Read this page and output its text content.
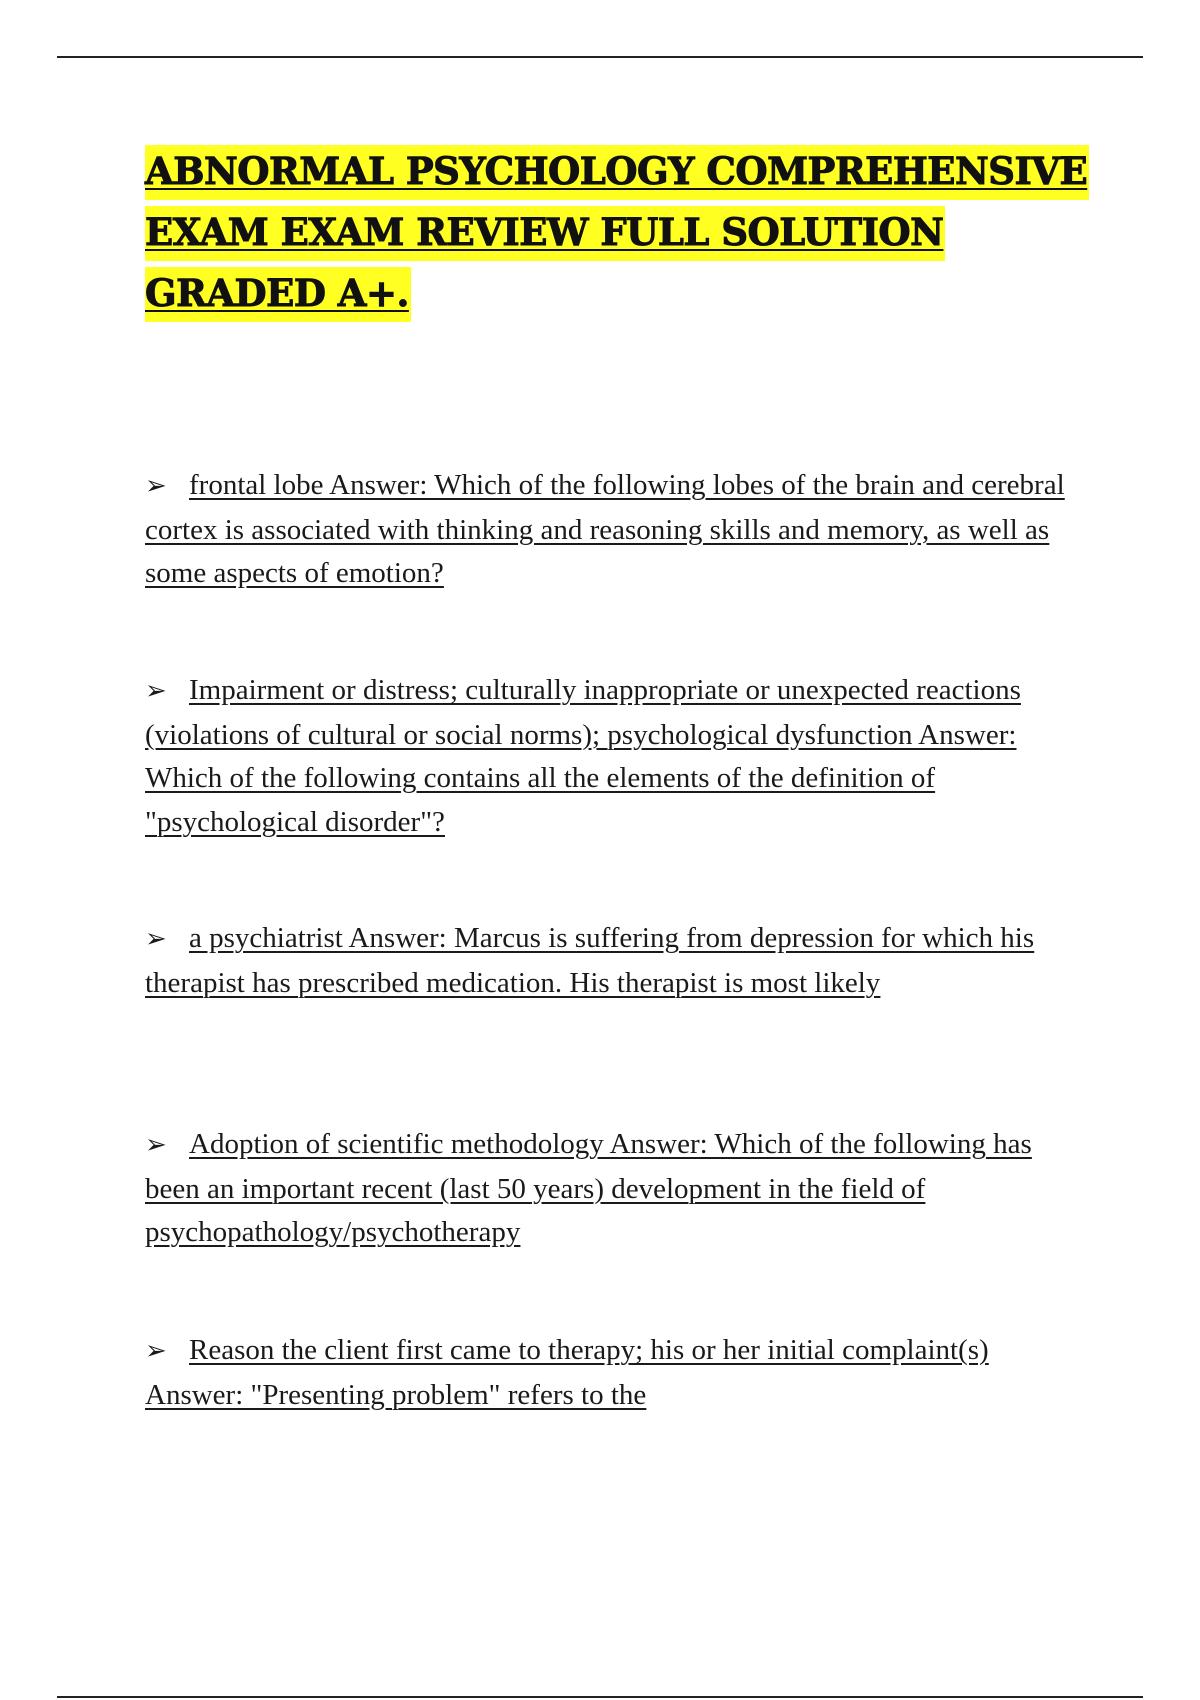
ABNORMAL PSYCHOLOGY COMPREHENSIVE
EXAM EXAM REVIEW FULL SOLUTION
GRADED A+.
➢ frontal lobe Answer: Which of the following lobes of the brain and cerebral cortex is associated with thinking and reasoning skills and memory, as well as some aspects of emotion?
➢ Impairment or distress; culturally inappropriate or unexpected reactions (violations of cultural or social norms); psychological dysfunction Answer: Which of the following contains all the elements of the definition of "psychological disorder"?
➢ a psychiatrist Answer: Marcus is suffering from depression for which his therapist has prescribed medication. His therapist is most likely
➢ Adoption of scientific methodology Answer: Which of the following has been an important recent (last 50 years) development in the field of psychopathology/psychotherapy
➢ Reason the client first came to therapy; his or her initial complaint(s) Answer: "Presenting problem" refers to the
